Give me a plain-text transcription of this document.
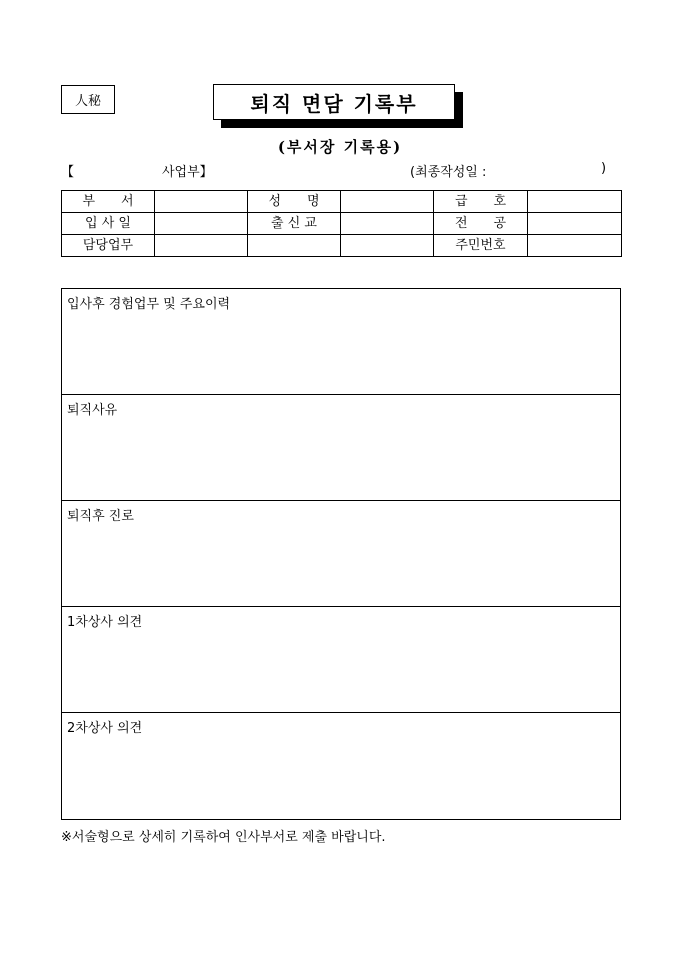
人秘	퇴직 면담 기록부
(부서장 기록용)
【	사업부】	(최종작성일 :	)
부　　서		성　　명		급　　호	
입 사 일		출 신 교		전　　공	
담당업무				주민번호	
입사후 경험업무 및 주요이력
퇴직사유
퇴직후 진로
1차상사 의견
2차상사 의견
※서술형으로 상세히 기록하여 인사부서로 제출 바랍니다.
